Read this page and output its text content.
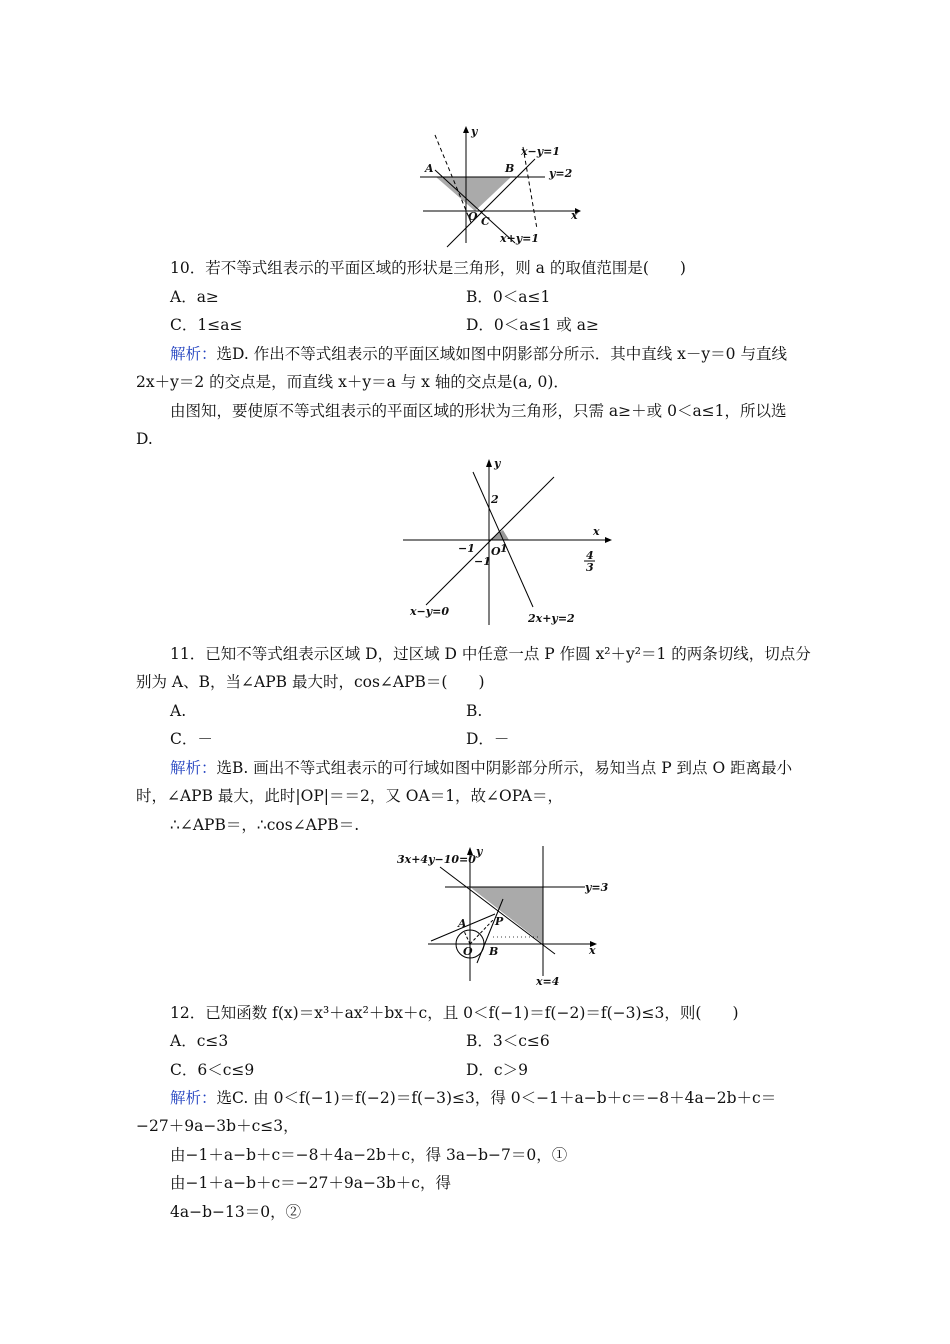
y
A	B
x−y=1
y=2
O C	x
x+y=1
10．若不等式组表示的平面区域的形状是三角形，则 a 的取值范围是(　　)
A．a≥	B．0＜a≤1
C．1≤a≤	D．0＜a≤1 或 a≥
解析：选D. 作出不等式组表示的平面区域如图中阴影部分所示．其中直线 x－y＝0 与直线
2x＋y＝2 的交点是，而直线 x＋y＝a 与 x 轴的交点是(a, 0)．
由图知，要使原不等式组表示的平面区域的形状为三角形，只需 a≥＋或 0＜a≤1，所以选
D.
y
2
x
−1 O 1
−1	4
3
x−y=0
2x+y=2
11．已知不等式组表示区域 D，过区域 D 中任意一点 P 作圆 x²＋y²＝1 的两条切线，切点分
别为 A、B，当∠APB 最大时，cos∠APB＝(　　)
A.	B.
C．－	D．－
解析：选B. 画出不等式组表示的可行域如图中阴影部分所示，易知当点 P 到点 O 距离最小
时，∠APB 最大，此时|OP|＝＝2，又 OA＝1，故∠OPA＝，
∴∠APB＝，∴cos∠APB＝.
3x+4y−10=0
y
y=3
A	P
O B	x
x=4
12．已知函数 f(x)＝x³＋ax²＋bx＋c，且 0＜f(−1)＝f(−2)＝f(−3)≤3，则(　　)
A．c≤3	B．3＜c≤6
C．6＜c≤9	D．c＞9
解析：选C. 由 0＜f(−1)＝f(−2)＝f(−3)≤3，得 0＜−1＋a−b＋c＝−8＋4a−2b＋c＝
−27＋9a−3b＋c≤3，
由−1＋a−b＋c＝−8＋4a−2b＋c，得 3a−b−7＝0，①
由−1＋a−b＋c＝−27＋9a−3b＋c，得
4a−b−13＝0，②
